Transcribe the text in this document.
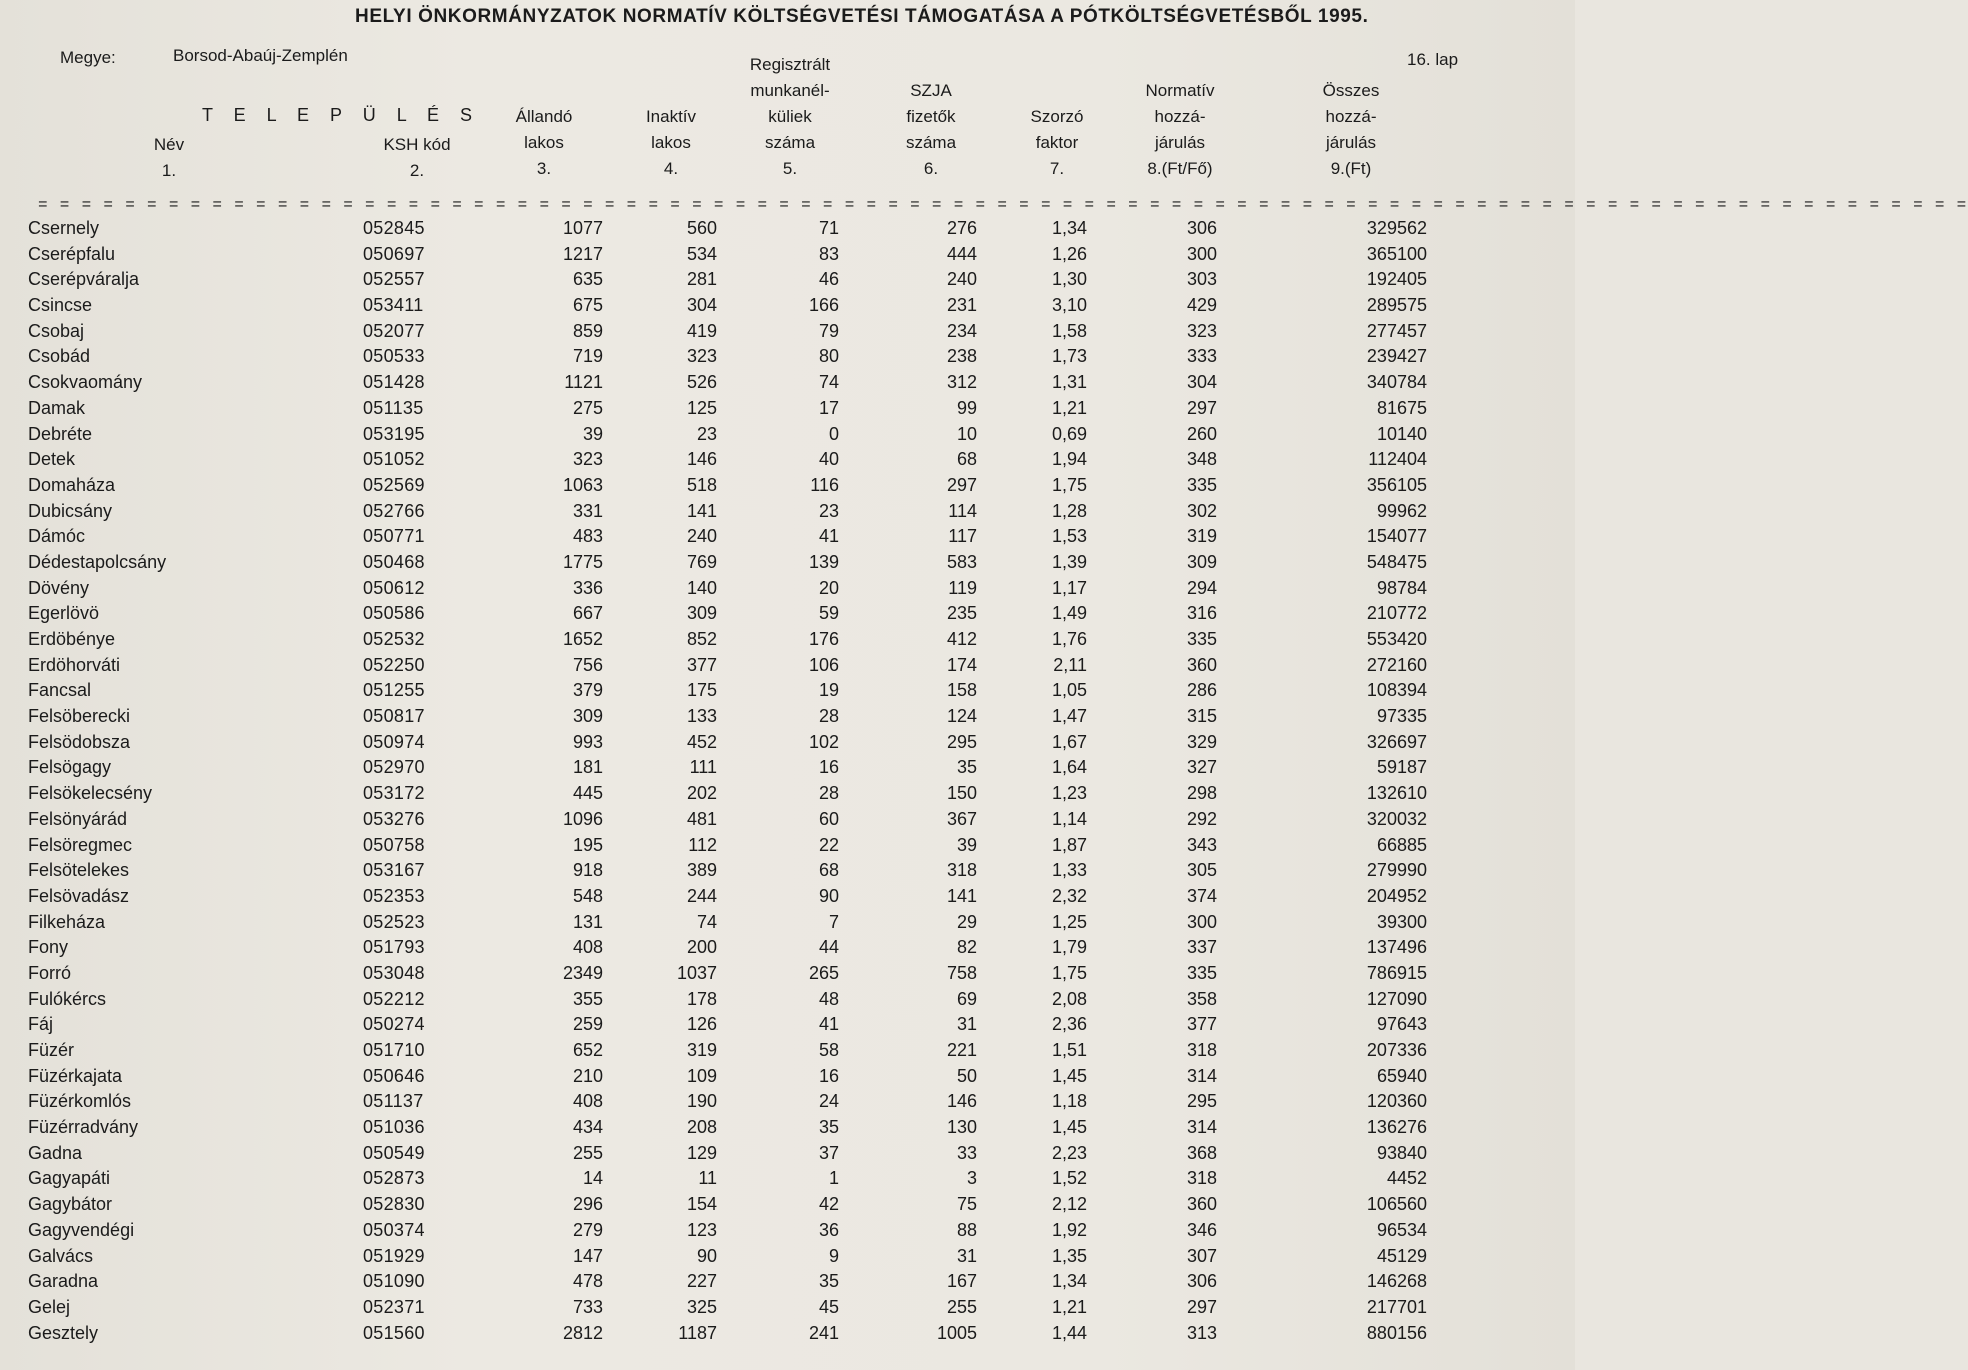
HELYI ÖNKORMÁNYZATOK NORMATÍV KÖLTSÉGVETÉSI TÁMOGATÁSA A PÓTKÖLTSÉGVETÉSBŐL 1995.
Megye:	Borsod-Abaúj-Zemplén	16. lap
T E L E P Ü L É S
Név
1.
KSH kód
2.
Állandó
lakos
3.
Inaktív
lakos
4.
Regisztrált
munkanél-
küliek
száma
5.
SZJA
fizetők
száma
6.
Szorzó
faktor
7.
Normatív
hozzá-
járulás
8.(Ft/Fő)
Összes
hozzá-
járulás
9.(Ft)
= = = = = = = = = = = = = = = = = = = = = = = = = = = = = = = = = = = = = = = = = = = = = = = = = = = = = = = = = = = = = = = = = = = = = = = = = = = = = = = = = = = = = = = = =
Csernely	052845	1077	560	71	276	1,34	306	329562
Cserépfalu	050697	1217	534	83	444	1,26	300	365100
Cserépváralja	052557	635	281	46	240	1,30	303	192405
Csincse	053411	675	304	166	231	3,10	429	289575
Csobaj	052077	859	419	79	234	1,58	323	277457
Csobád	050533	719	323	80	238	1,73	333	239427
Csokvaomány	051428	1121	526	74	312	1,31	304	340784
Damak	051135	275	125	17	99	1,21	297	81675
Debréte	053195	39	23	0	10	0,69	260	10140
Detek	051052	323	146	40	68	1,94	348	112404
Domaháza	052569	1063	518	116	297	1,75	335	356105
Dubicsány	052766	331	141	23	114	1,28	302	99962
Dámóc	050771	483	240	41	117	1,53	319	154077
Dédestapolcsány	050468	1775	769	139	583	1,39	309	548475
Dövény	050612	336	140	20	119	1,17	294	98784
Egerlövö	050586	667	309	59	235	1,49	316	210772
Erdöbénye	052532	1652	852	176	412	1,76	335	553420
Erdöhorváti	052250	756	377	106	174	2,11	360	272160
Fancsal	051255	379	175	19	158	1,05	286	108394
Felsöberecki	050817	309	133	28	124	1,47	315	97335
Felsödobsza	050974	993	452	102	295	1,67	329	326697
Felsögagy	052970	181	111	16	35	1,64	327	59187
Felsökelecsény	053172	445	202	28	150	1,23	298	132610
Felsönyárád	053276	1096	481	60	367	1,14	292	320032
Felsöregmec	050758	195	112	22	39	1,87	343	66885
Felsötelekes	053167	918	389	68	318	1,33	305	279990
Felsövadász	052353	548	244	90	141	2,32	374	204952
Filkeháza	052523	131	74	7	29	1,25	300	39300
Fony	051793	408	200	44	82	1,79	337	137496
Forró	053048	2349	1037	265	758	1,75	335	786915
Fulókércs	052212	355	178	48	69	2,08	358	127090
Fáj	050274	259	126	41	31	2,36	377	97643
Füzér	051710	652	319	58	221	1,51	318	207336
Füzérkajata	050646	210	109	16	50	1,45	314	65940
Füzérkomlós	051137	408	190	24	146	1,18	295	120360
Füzérradvány	051036	434	208	35	130	1,45	314	136276
Gadna	050549	255	129	37	33	2,23	368	93840
Gagyapáti	052873	14	11	1	3	1,52	318	4452
Gagybátor	052830	296	154	42	75	2,12	360	106560
Gagyvendégi	050374	279	123	36	88	1,92	346	96534
Galvács	051929	147	90	9	31	1,35	307	45129
Garadna	051090	478	227	35	167	1,34	306	146268
Gelej	052371	733	325	45	255	1,21	297	217701
Gesztely	051560	2812	1187	241	1005	1,44	313	880156
